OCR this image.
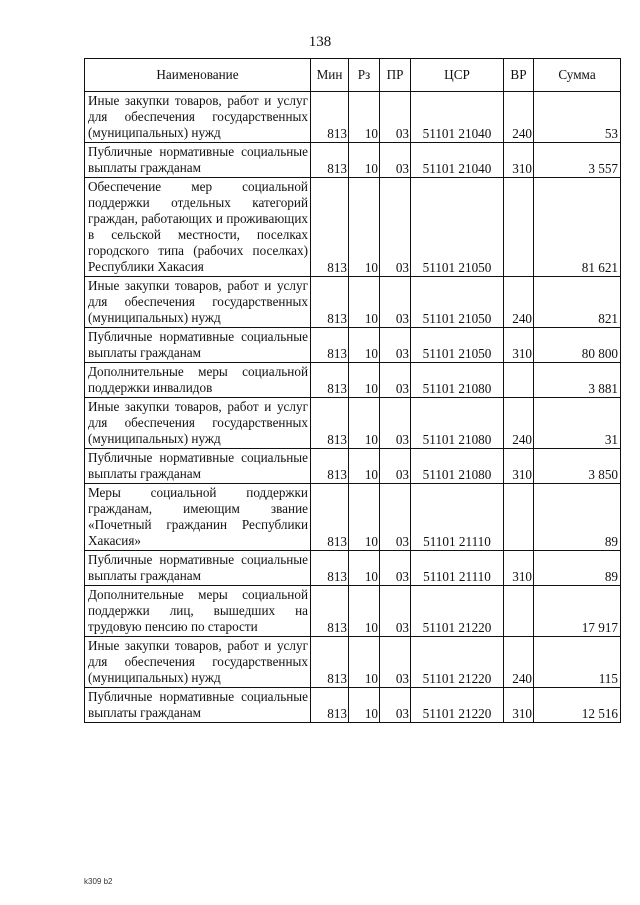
138
Наименование	Мин	Рз	ПР	ЦСР	ВР	Сумма
Иные закупки товаров, работ и услуг для обеспечения государственных (муниципальных) нужд	813	10	03	51101 21040	240	53
Публичные нормативные социальные выплаты гражданам	813	10	03	51101 21040	310	3 557
Обеспечение мер социальной поддержки отдельных категорий граждан, работающих и проживающих в сельской местности, поселках городского типа (рабочих поселках) Республики Хакасия	813	10	03	51101 21050		81 621
Иные закупки товаров, работ и услуг для обеспечения государственных (муниципальных) нужд	813	10	03	51101 21050	240	821
Публичные нормативные социальные выплаты гражданам	813	10	03	51101 21050	310	80 800
Дополнительные меры социальной поддержки инвалидов	813	10	03	51101 21080		3 881
Иные закупки товаров, работ и услуг для обеспечения государственных (муниципальных) нужд	813	10	03	51101 21080	240	31
Публичные нормативные социальные выплаты гражданам	813	10	03	51101 21080	310	3 850
Меры социальной поддержки гражданам, имеющим звание «Почетный гражданин Республики Хакасия»	813	10	03	51101 21110		89
Публичные нормативные социальные выплаты гражданам	813	10	03	51101 21110	310	89
Дополнительные меры социальной поддержки лиц, вышедших на трудовую пенсию по старости	813	10	03	51101 21220		17 917
Иные закупки товаров, работ и услуг для обеспечения государственных (муниципальных) нужд	813	10	03	51101 21220	240	115
Публичные нормативные социальные выплаты гражданам	813	10	03	51101 21220	310	12 516
k309 b2
